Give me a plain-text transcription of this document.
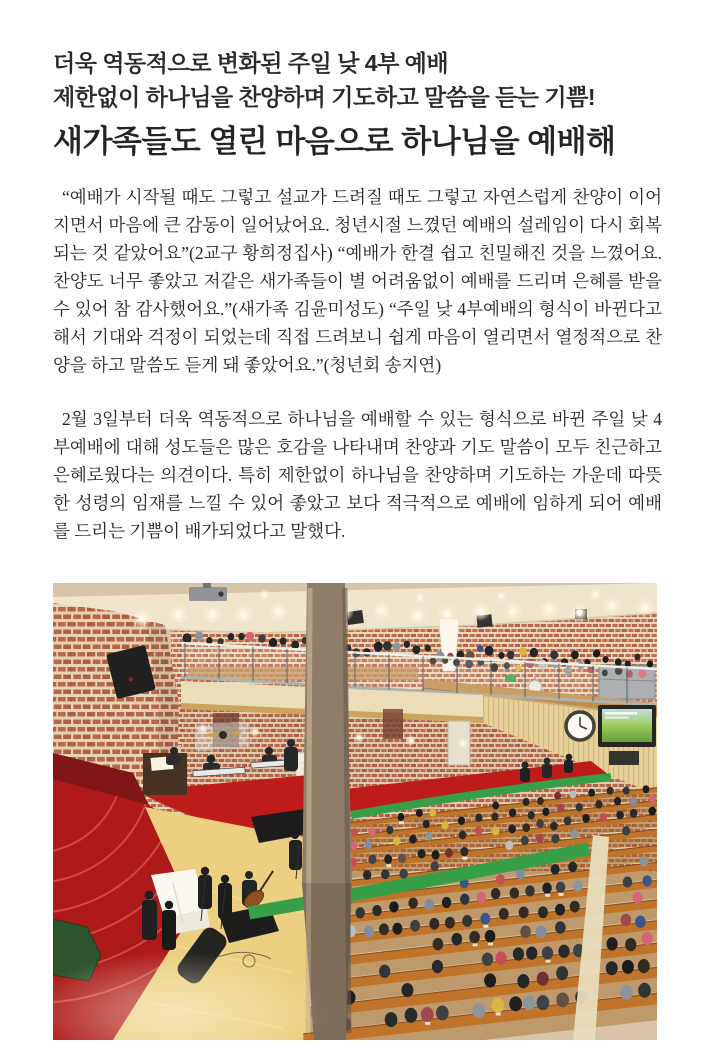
더욱 역동적으로 변화된 주일 낮 4부 예배
제한없이 하나님을 찬양하며 기도하고 말씀을 듣는 기쁨!
새가족들도 열린 마음으로 하나님을 예배해

“예배가 시작될 때도 그렇고 설교가 드려질 때도 그렇고 자연스럽게 찬양이 이어지면서 마음에 큰 감동이 일어났어요. 청년시절 느꼈던 예배의 설레임이 다시 회복되는 것 같았어요”(2교구 황희정집사) “예배가 한결 쉽고 친밀해진 것을 느꼈어요. 찬양도 너무 좋았고 저같은 새가족들이 별 어려움없이 예배를 드리며 은혜를 받을 수 있어 참 감사했어요.”(새가족 김윤미성도) “주일 낮 4부예배의 형식이 바뀐다고 해서 기대와 걱정이 되었는데 직접 드려보니 쉽게 마음이 열리면서 열정적으로 찬양을 하고 말씀도 듣게 돼 좋았어요.”(청년회 송지연)

2월 3일부터 더욱 역동적으로 하나님을 예배할 수 있는 형식으로 바뀐 주일 낮 4부예배에 대해 성도들은 많은 호감을 나타내며 찬양과 기도 말씀이 모두 친근하고 은혜로웠다는 의견이다. 특히 제한없이 하나님을 찬양하며 기도하는 가운데 따뜻한 성령의 임재를 느낄 수 있어 좋았고 보다 적극적으로 예배에 임하게 되어 예배를 드리는 기쁨이 배가되었다고 말했다.
